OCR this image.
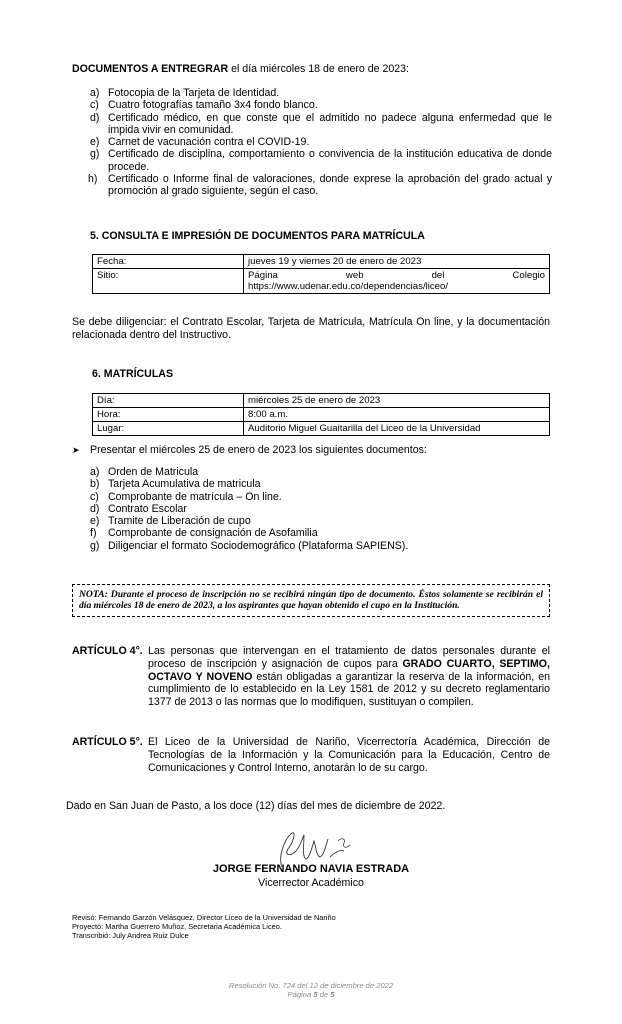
DOCUMENTOS A ENTREGRAR el día miércoles 18 de enero de 2023:
a) Fotocopia de la Tarjeta de Identidad.
c) Cuatro fotografías tamaño 3x4 fondo blanco.
d) Certificado médico, en que conste que el admitido no padece alguna enfermedad que le impida vivir en comunidad.
e) Carnet de vacunación contra el COVID-19.
g) Certificado de disciplina, comportamiento o convivencia de la institución educativa de donde procede.
h) Certificado o Informe final de valoraciones, donde exprese la aprobación del grado actual y promoción al grado siguiente, según el caso.
5. CONSULTA E IMPRESIÓN DE DOCUMENTOS PARA MATRÍCULA
Fecha:	jueves 19 y viernes 20 de enero de 2023
Sitio:	Página web del Colegio
https://www.udenar.edu.co/dependencias/liceo/
Se debe diligenciar: el Contrato Escolar, Tarjeta de Matrícula, Matrícula On line, y la documentación relacionada dentro del Instructivo.
6. MATRÍCULAS
Día:	miércoles 25 de enero de 2023
Hora:	8:00 a.m.
Lugar:	Auditorio Miguel Guaitarilla del Liceo de la Universidad
➤ Presentar el miércoles 25 de enero de 2023 los siguientes documentos:
a) Orden de Matricula
b) Tarjeta Acumulativa de matricula
c) Comprobante de matrícula – On line.
d) Contrato Escolar
e) Tramite de Liberación de cupo
f) Comprobante de consignación de Asofamilia
g) Diligenciar el formato Sociodemográfico (Plataforma SAPIENS).
NOTA: Durante el proceso de inscripción no se recibirá ningún tipo de documento. Éstos solamente se recibirán el día miércoles 18 de enero de 2023, a los aspirantes que hayan obtenido el cupo en la Institución.
ARTÍCULO 4°. Las personas que intervengan en el tratamiento de datos personales durante el proceso de inscripción y asignación de cupos para GRADO CUARTO, SEPTIMO, OCTAVO Y NOVENO están obligadas a garantizar la reserva de la información, en cumplimiento de lo establecido en la Ley 1581 de 2012 y su decreto reglamentario 1377 de 2013 o las normas que lo modifiquen, sustituyan o compilen.
ARTÍCULO 5°. El Liceo de la Universidad de Nariño, Vicerrectoría Académica, Dirección de Tecnologías de la Información y la Comunicación para la Educación, Centro de Comunicaciones y Control Interno, anotarán lo de su cargo.
Dado en San Juan de Pasto, a los doce (12) días del mes de diciembre de 2022.
JORGE FERNANDO NAVIA ESTRADA
Vicerrector Académico
Revisó: Fernando Garzón Velásquez, Director Liceo de la Universidad de Nariño
Proyectó: Martha Guerrero Muñoz, Secretaria Académica Liceo.
Transcribió: July Andrea Ruiz Dulce
Resolución No. 724 del 12 de diciembre de 2022
Página 5 de 5
